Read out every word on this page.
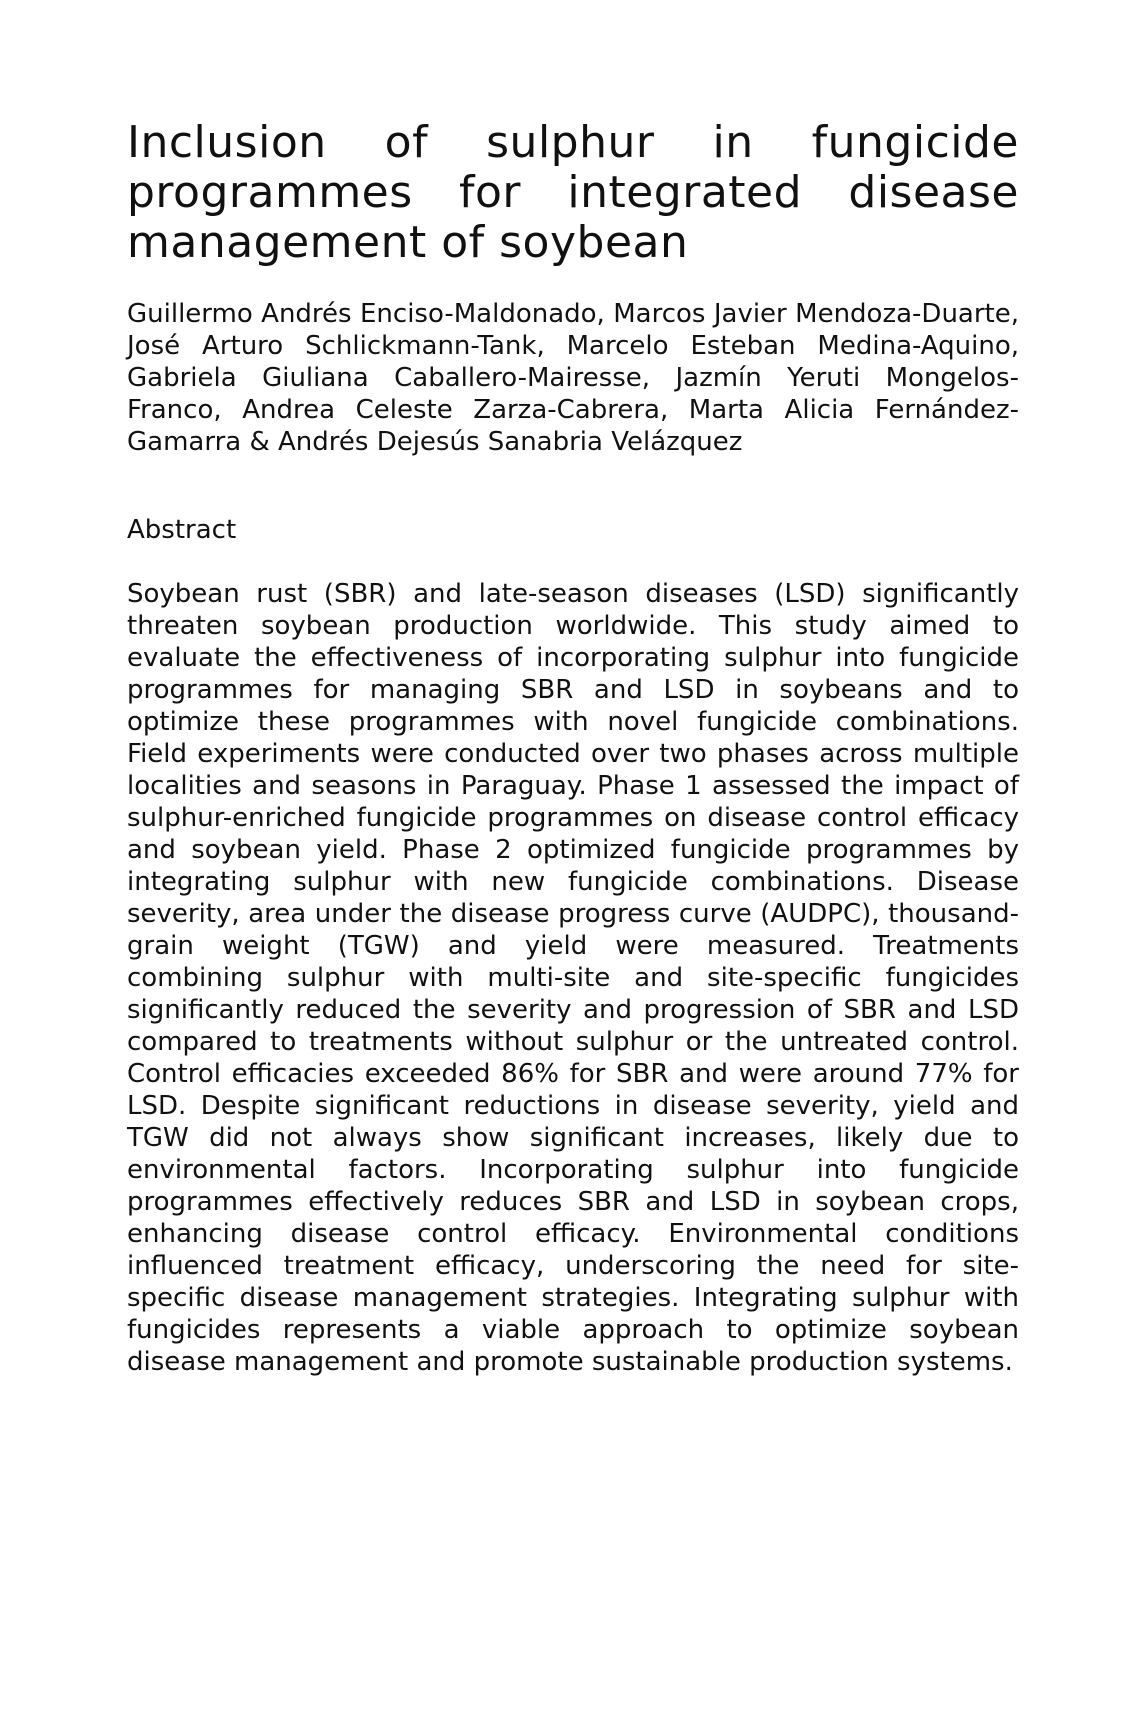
Inclusion of sulphur in fungicide programmes for integrated disease management of soybean

Guillermo Andrés Enciso-Maldonado, Marcos Javier Mendoza-Duarte, José Arturo Schlickmann-Tank, Marcelo Esteban Medina-Aquino, Gabriela Giuliana Caballero-Mairesse, Jazmín Yeruti Mongelos-Franco, Andrea Celeste Zarza-Cabrera, Marta Alicia Fernández-Gamarra & Andrés Dejesús Sanabria Velázquez

Abstract

Soybean rust (SBR) and late-season diseases (LSD) significantly threaten soybean production worldwide. This study aimed to evaluate the effectiveness of incorporating sulphur into fungicide programmes for managing SBR and LSD in soybeans and to optimize these programmes with novel fungicide combinations. Field experiments were conducted over two phases across multiple localities and seasons in Paraguay. Phase 1 assessed the impact of sulphur-enriched fungicide programmes on disease control efficacy and soybean yield. Phase 2 optimized fungicide programmes by integrating sulphur with new fungicide combinations. Disease severity, area under the disease progress curve (AUDPC), thousand-grain weight (TGW) and yield were measured. Treatments combining sulphur with multi-site and site-specific fungicides significantly reduced the severity and progression of SBR and LSD compared to treatments without sulphur or the untreated control. Control efficacies exceeded 86% for SBR and were around 77% for LSD. Despite significant reductions in disease severity, yield and TGW did not always show significant increases, likely due to environmental factors. Incorporating sulphur into fungicide programmes effectively reduces SBR and LSD in soybean crops, enhancing disease control efficacy. Environmental conditions influenced treatment efficacy, underscoring the need for site-specific disease management strategies. Integrating sulphur with fungicides represents a viable approach to optimize soybean disease management and promote sustainable production systems.
